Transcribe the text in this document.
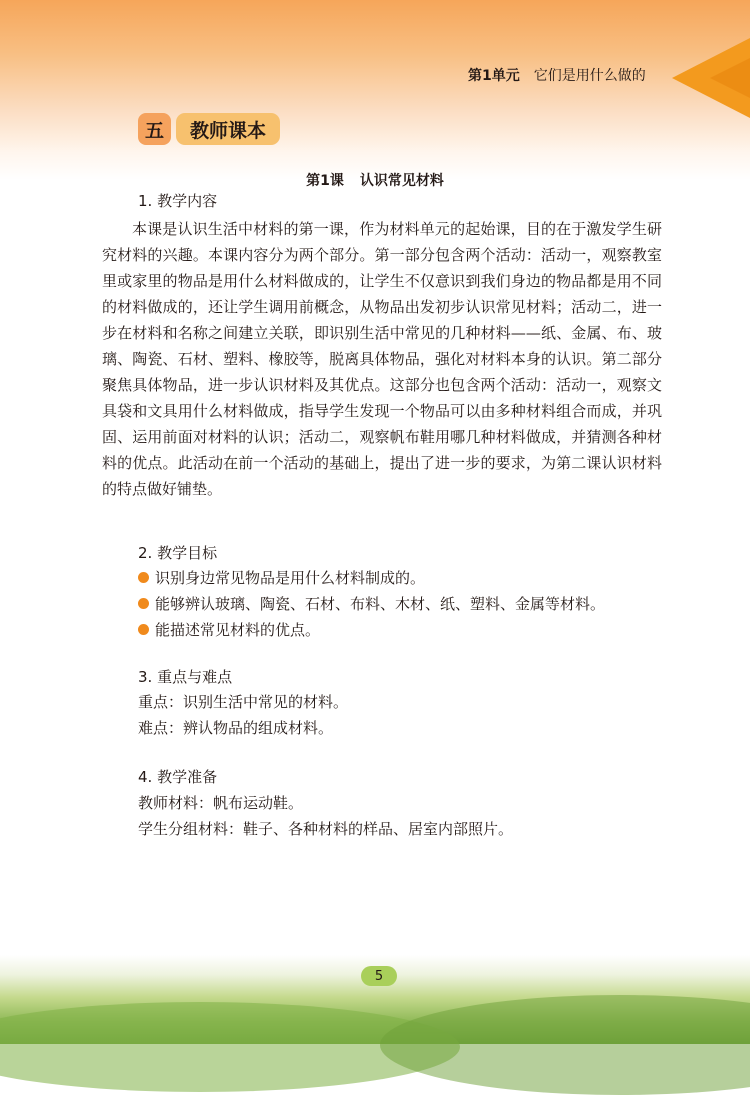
第1单元 它们是用什么做的
五	教师课本
第1课 认识常见材料
1. 教学内容

本课是认识生活中材料的第一课，作为材料单元的起始课，目的在于激发学生研究材料的兴趣。本课内容分为两个部分。第一部分包含两个活动：活动一，观察教室里或家里的物品是用什么材料做成的，让学生不仅意识到我们身边的物品都是用不同的材料做成的，还让学生调用前概念，从物品出发初步认识常见材料；活动二，进一步在材料和名称之间建立关联，即识别生活中常见的几种材料——纸、金属、布、玻璃、陶瓷、石材、塑料、橡胶等，脱离具体物品，强化对材料本身的认识。第二部分聚焦具体物品，进一步认识材料及其优点。这部分也包含两个活动：活动一，观察文具袋和文具用什么材料做成，指导学生发现一个物品可以由多种材料组合而成，并巩固、运用前面对材料的认识；活动二，观察帆布鞋用哪几种材料做成，并猜测各种材料的优点。此活动在前一个活动的基础上，提出了进一步的要求，为第二课认识材料的特点做好铺垫。

2. 教学目标
识别身边常见物品是用什么材料制成的。
能够辨认玻璃、陶瓷、石材、布料、木材、纸、塑料、金属等材料。
能描述常见材料的优点。
3. 重点与难点
重点：识别生活中常见的材料。
难点：辨认物品的组成材料。
4. 教学准备
教师材料：帆布运动鞋。
学生分组材料：鞋子、各种材料的样品、居室内部照片。
5
